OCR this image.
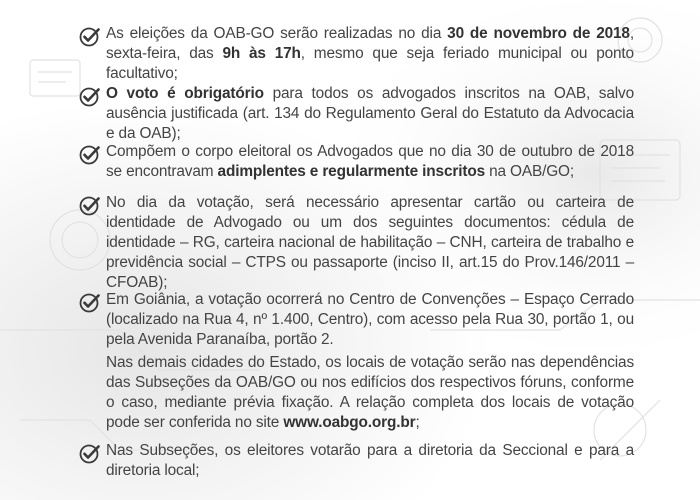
As eleições da OAB-GO serão realizadas no dia 30 de novembro de 2018, sexta-feira, das 9h às 17h, mesmo que seja feriado municipal ou ponto facultativo;
O voto é obrigatório para todos os advogados inscritos na OAB, salvo ausência justificada (art. 134 do Regulamento Geral do Estatuto da Advocacia e da OAB);
Compõem o corpo eleitoral os Advogados que no dia 30 de outubro de 2018 se encontravam adimplentes e regularmente inscritos na OAB/GO;
No dia da votação, será necessário apresentar cartão ou carteira de identidade de Advogado ou um dos seguintes documentos: cédula de identidade – RG, carteira nacional de habilitação – CNH, carteira de trabalho e previdência social – CTPS ou passaporte (inciso II, art.15 do Prov.146/2011 – CFOAB);
Em Goiânia, a votação ocorrerá no Centro de Convenções – Espaço Cerrado (localizado na Rua 4, nº 1.400, Centro), com acesso pela Rua 30, portão 1, ou pela Avenida Paranaíba, portão 2.
Nas demais cidades do Estado, os locais de votação serão nas dependências das Subseções da OAB/GO ou nos edifícios dos respectivos fóruns, conforme o caso, mediante prévia fixação. A relação completa dos locais de votação pode ser conferida no site www.oabgo.org.br;
Nas Subseções, os eleitores votarão para a diretoria da Seccional e para a diretoria local;
